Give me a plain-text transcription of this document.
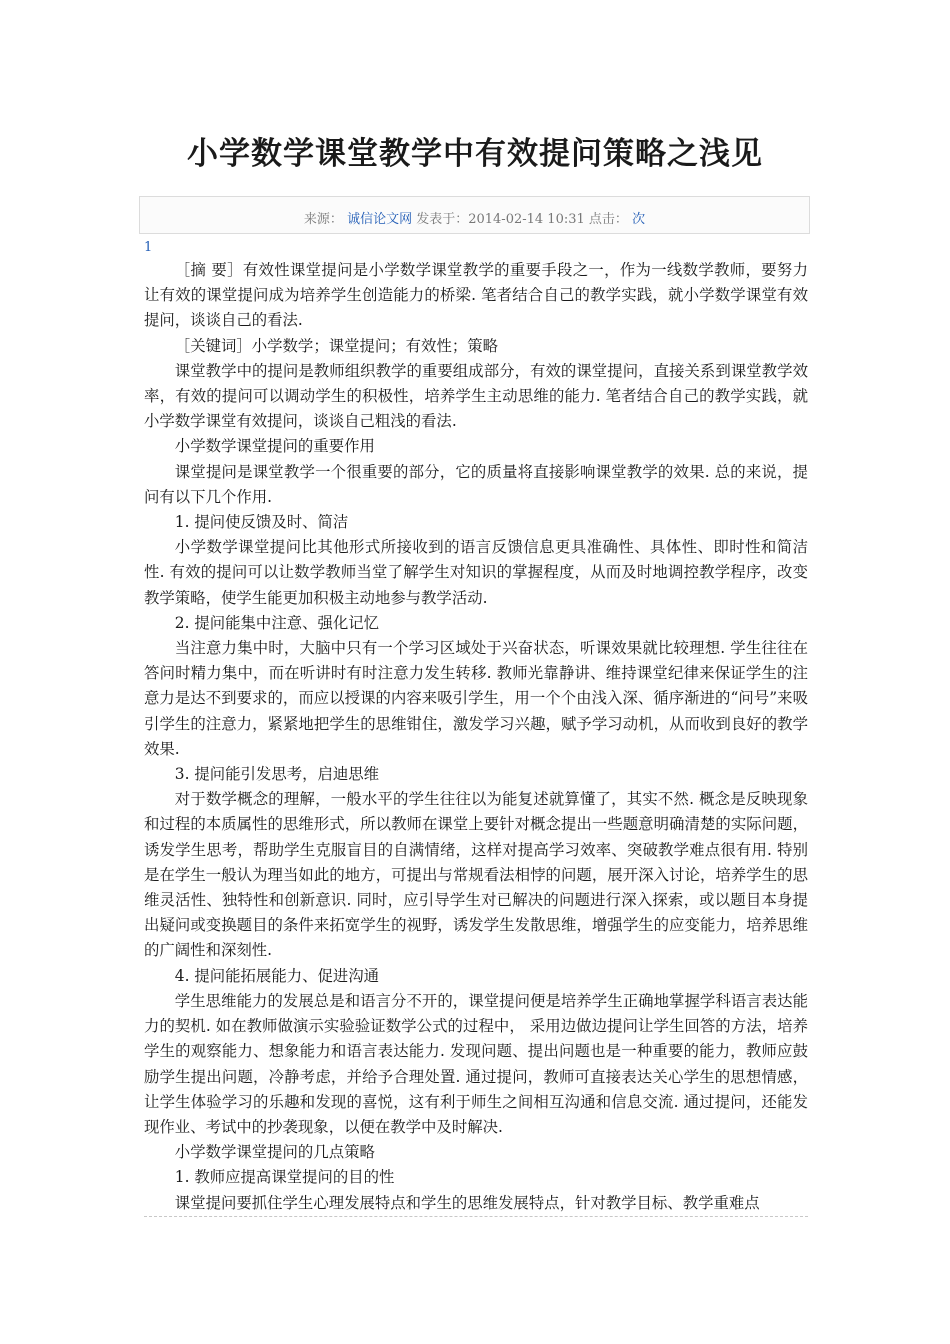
小学数学课堂教学中有效提问策略之浅见
来源： 诚信论文网 发表于：2014-02-14 10:31 点击： 次
1

［摘 要］有效性课堂提问是小学数学课堂教学的重要手段之一，作为一线数学教师，要努力让有效的课堂提问成为培养学生创造能力的桥梁. 笔者结合自己的教学实践，就小学数学课堂有效提问，谈谈自己的看法.

［关键词］小学数学；课堂提问；有效性；策略

课堂教学中的提问是教师组织教学的重要组成部分，有效的课堂提问，直接关系到课堂教学效率，有效的提问可以调动学生的积极性，培养学生主动思维的能力. 笔者结合自己的教学实践，就小学数学课堂有效提问，谈谈自己粗浅的看法.

小学数学课堂提问的重要作用

课堂提问是课堂教学一个很重要的部分，它的质量将直接影响课堂教学的效果. 总的来说，提问有以下几个作用.

1. 提问使反馈及时、简洁

小学数学课堂提问比其他形式所接收到的语言反馈信息更具准确性、具体性、即时性和简洁性. 有效的提问可以让数学教师当堂了解学生对知识的掌握程度，从而及时地调控教学程序，改变教学策略，使学生能更加积极主动地参与教学活动.

2. 提问能集中注意、强化记忆

当注意力集中时，大脑中只有一个学习区域处于兴奋状态，听课效果就比较理想. 学生往往在答问时精力集中，而在听讲时有时注意力发生转移. 教师光靠静讲、维持课堂纪律来保证学生的注意力是达不到要求的，而应以授课的内容来吸引学生，用一个个由浅入深、循序渐进的“问号”来吸引学生的注意力，紧紧地把学生的思维钳住，激发学习兴趣，赋予学习动机，从而收到良好的教学效果.

3. 提问能引发思考，启迪思维

对于数学概念的理解，一般水平的学生往往以为能复述就算懂了，其实不然. 概念是反映现象和过程的本质属性的思维形式，所以教师在课堂上要针对概念提出一些题意明确清楚的实际问题，诱发学生思考，帮助学生克服盲目的自满情绪，这样对提高学习效率、突破教学难点很有用. 特别是在学生一般认为理当如此的地方，可提出与常规看法相悖的问题，展开深入讨论，培养学生的思维灵活性、独特性和创新意识. 同时，应引导学生对已解决的问题进行深入探索，或以题目本身提出疑问或变换题目的条件来拓宽学生的视野，诱发学生发散思维，增强学生的应变能力，培养思维的广阔性和深刻性.

4. 提问能拓展能力、促进沟通

学生思维能力的发展总是和语言分不开的，课堂提问便是培养学生正确地掌握学科语言表达能力的契机. 如在教师做演示实验验证数学公式的过程中， 采用边做边提问让学生回答的方法，培养学生的观察能力、想象能力和语言表达能力. 发现问题、提出问题也是一种重要的能力，教师应鼓励学生提出问题，冷静考虑，并给予合理处置. 通过提问，教师可直接表达关心学生的思想情感，让学生体验学习的乐趣和发现的喜悦，这有利于师生之间相互沟通和信息交流. 通过提问，还能发现作业、考试中的抄袭现象，以便在教学中及时解决.

小学数学课堂提问的几点策略

1. 教师应提高课堂提问的目的性

课堂提问要抓住学生心理发展特点和学生的思维发展特点，针对教学目标、教学重难点
